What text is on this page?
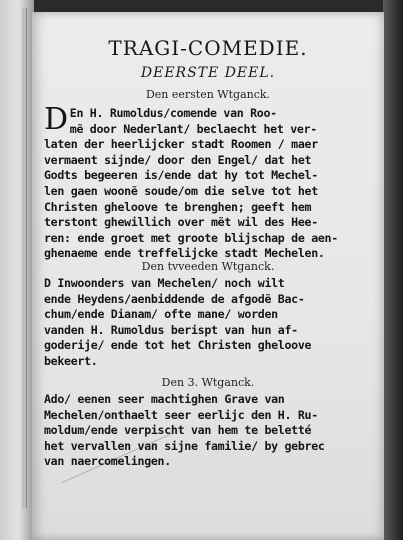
TRAGI-COMEDIE.
DEERSTE DEEL.
Den eersten Wtganck.
D En H. Rumoldus/comende van Roo-
mẽ door Nederlant/ beclaecht het ver-
laten der heerlijcker stadt Roomen / maer
vermaent sijnde/ door den Engel/ dat het
Godts begeeren is/ende dat hy tot Mechel-
len gaen woonẽ soude/om die selve tot het
Christen gheloove te brenghen; geeft hem
terstont ghewillich over mẽt wil des Hee-
ren: ende groet met groote blijschap de aen-
ghenaeme ende treffelijcke stadt Mechelen.
Den tvveeden Wtganck.
D Inwoonders van Mechelen/ noch wilt
ende Heydens/aenbiddende de afgodẽ Bac-
chum/ende Dianam/ ofte mane/ worden
vanden H. Rumoldus berispt van hun af-
goderije/ ende tot het Christen gheloove
bekeert.
Den 3. Wtganck.
Ado/ eenen seer machtighen Grave van
Mechelen/onthaelt seer eerlijc den H. Ru-
moldum/ende verpischt van hem te beletté
het vervallen van sijne familie/ by gebrec
van naercomelingen.
